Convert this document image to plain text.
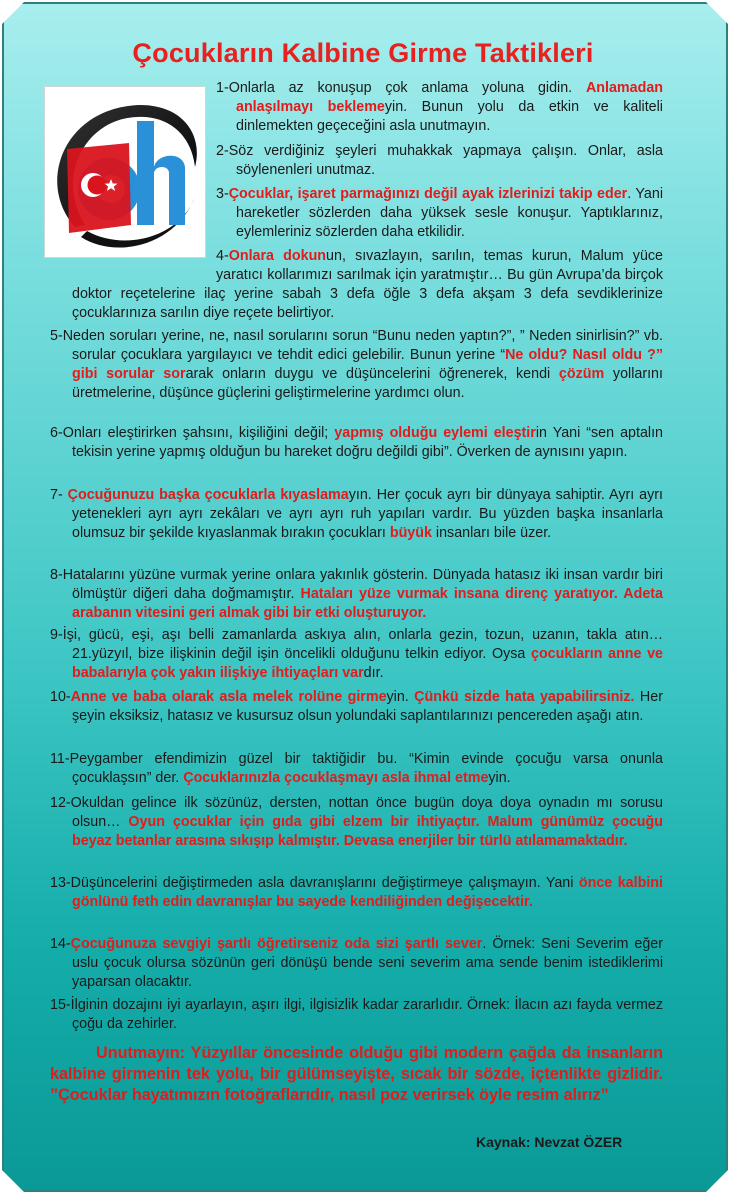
Çocukların Kalbine Girme Taktikleri

1-Onlarla az konuşup çok anlama yoluna gidin. Anlamadan anlaşılmayı beklemeyin. Bunun yolu da etkin ve kaliteli dinlemekten geçeceğini asla unutmayın.

2-Söz verdiğiniz şeyleri muhakkak yapmaya çalışın. Onlar, asla söylenenleri unutmaz.

3-Çocuklar, işaret parmağınızı değil ayak izlerinizi takip eder. Yani hareketler sözlerden daha yüksek sesle konuşur. Yaptıklarınız, eylemleriniz sözlerden daha etkilidir.

4-Onlara dokunun, sıvazlayın, sarılın, temas kurun, Malum yüce yaratıcı kollarımızı sarılmak için yaratmıştır… Bu gün Avrupa’da birçok doktor reçetelerine ilaç yerine sabah 3 defa öğle 3 defa akşam 3 defa sevdiklerinize çocuklarınıza sarılın diye reçete belirtiyor.

5-Neden soruları yerine, ne, nasıl sorularını sorun “Bunu neden yaptın?”, ” Neden sinirlisin?” vb. sorular çocuklara yargılayıcı ve tehdit edici gelebilir. Bunun yerine “Ne oldu? Nasıl oldu ?” gibi sorular sorarak onların duygu ve düşüncelerini öğrenerek, kendi çözüm yollarını üretmelerine, düşünce güçlerini geliştirmelerine yardımcı olun.

6-Onları eleştirirken şahsını, kişiliğini değil; yapmış olduğu eylemi eleştirin Yani “sen aptalın tekisin yerine yapmış olduğun bu hareket doğru değildi gibi”. Överken de aynısını yapın.

7- Çocuğunuzu başka çocuklarla kıyaslamayın. Her çocuk ayrı bir dünyaya sahiptir. Ayrı ayrı yetenekleri ayrı ayrı zekâları ve ayrı ayrı ruh yapıları vardır. Bu yüzden başka insanlarla olumsuz bir şekilde kıyaslanmak bırakın çocukları büyük insanları bile üzer.

8-Hatalarını yüzüne vurmak yerine onlara yakınlık gösterin. Dünyada hatasız iki insan vardır biri ölmüştür diğeri daha doğmamıştır. Hataları yüze vurmak insana direnç yaratıyor. Adeta arabanın vitesini geri almak gibi bir etki oluşturuyor.

9-İşi, gücü, eşi, aşı belli zamanlarda askıya alın, onlarla gezin, tozun, uzanın, takla atın… 21.yüzyıl, bize ilişkinin değil işin öncelikli olduğunu telkin ediyor. Oysa çocukların anne ve babalarıyla çok yakın ilişkiye ihtiyaçları vardır.

10-Anne ve baba olarak asla melek rolüne girmeyin. Çünkü sizde hata yapabilirsiniz. Her şeyin eksiksiz, hatasız ve kusursuz olsun yolundaki saplantılarınızı pencereden aşağı atın.

11-Peygamber efendimizin güzel bir taktiğidir bu. “Kimin evinde çocuğu varsa onunla çocuklaşsın” der. Çocuklarınızla çocuklaşmayı asla ihmal etmeyin.

12-Okuldan gelince ilk sözünüz, dersten, nottan önce bugün doya doya oynadın mı sorusu olsun… Oyun çocuklar için gıda gibi elzem bir ihtiyaçtır. Malum günümüz çocuğu beyaz betanlar arasına sıkışıp kalmıştır. Devasa enerjiler bir türlü atılamamaktadır.

13-Düşüncelerini değiştirmeden asla davranışlarını değiştirmeye çalışmayın. Yani önce kalbini gönlünü feth edin davranışlar bu sayede kendiliğinden değişecektir.

14-Çocuğunuza sevgiyi şartlı öğretirseniz oda sizi şartlı sever. Örnek: Seni Severim eğer uslu çocuk olursa sözünün geri dönüşü bende seni severim ama sende benim istediklerimi yaparsan olacaktır.

15-İlginin dozajını iyi ayarlayın, aşırı ilgi, ilgisizlik kadar zararlıdır. Örnek: İlacın azı fayda vermez çoğu da zehirler.

Unutmayın: Yüzyıllar öncesinde olduğu gibi modern çağda da insanların kalbine girmenin tek yolu, bir gülümseyişte, sıcak bir sözde, içtenlikte gizlidir. ”Çocuklar hayatımızın fotoğraflarıdır, nasıl poz verirsek öyle resim alırız”

Kaynak: Nevzat ÖZER
